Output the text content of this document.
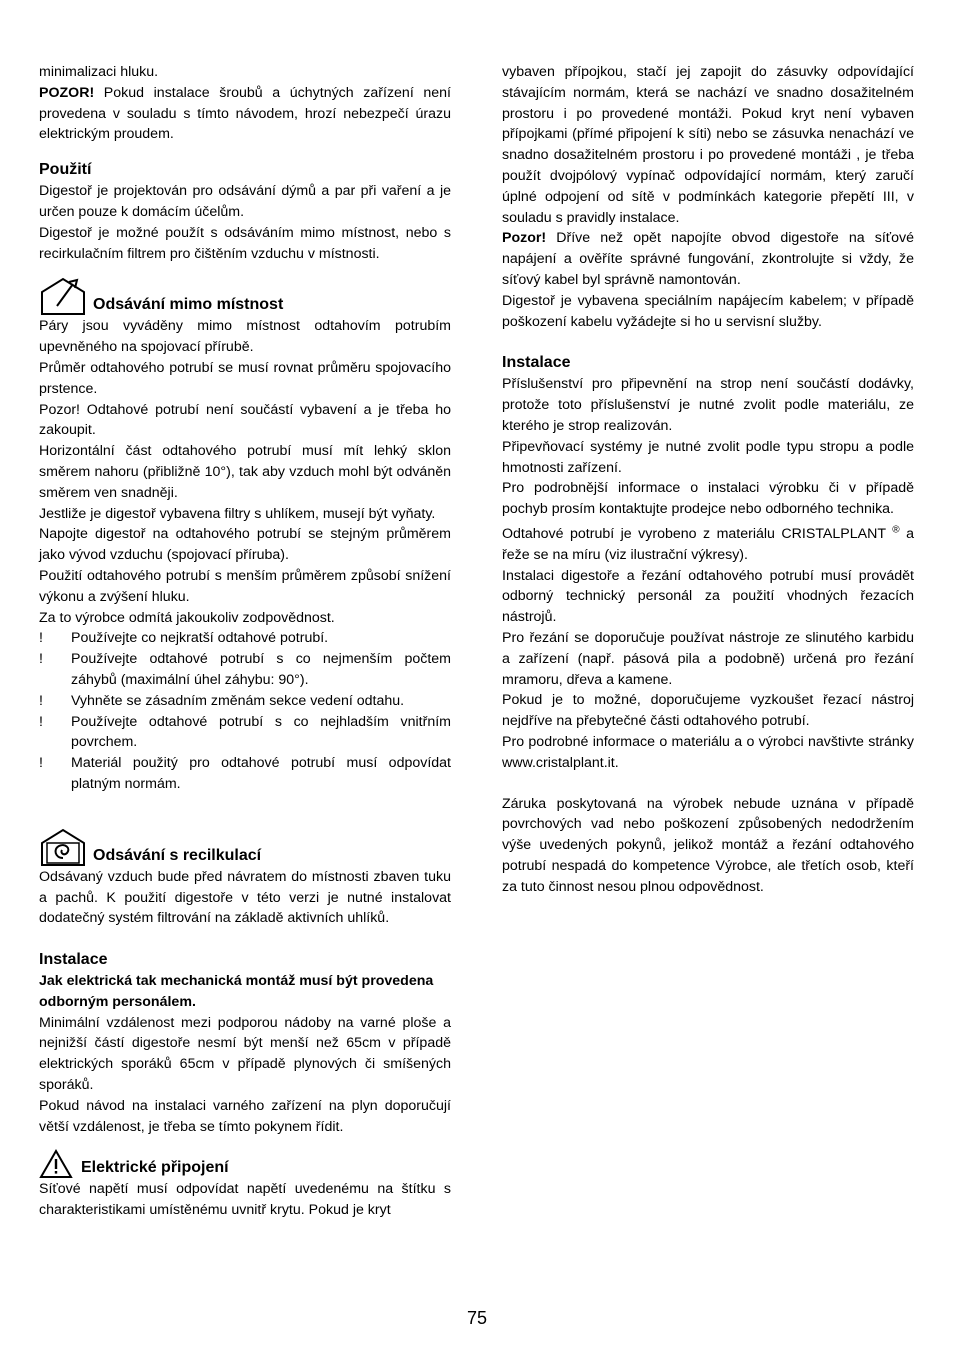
minimalizaci hluku.

POZOR! Pokud instalace šroubů a úchytných zařízení není provedena v souladu s tímto návodem, hrozí nebezpečí úrazu elektrickým proudem.

Použití

Digestoř je projektován pro odsávání dýmů a par při vaření a je určen pouze k domácím účelům.

Digestoř je možné použít s odsáváním mimo místnost, nebo s recirkulačním filtrem pro čištěním vzduchu v místnosti.

Odsávání mimo místnost

Páry jsou vyváděny mimo místnost odtahovím potrubím upevněného na spojovací přírubě.

Průměr odtahového potrubí se musí rovnat průměru spojovacího prstence.

Pozor! Odtahové potrubí není součástí vybavení a je třeba ho zakoupit.

Horizontální část odtahového potrubí musí mít lehký sklon směrem nahoru (přibližně 10°), tak aby vzduch mohl být odváněn směrem ven snadněji.

Jestliže je digestoř vybavena filtry s uhlíkem, musejí být vyňaty.

Napojte digestoř na odtahového potrubí se stejným průměrem jako vývod vzduchu (spojovací příruba).

Použití odtahového potrubí s menším průměrem způsobí snížení výkonu a zvýšení hluku.

Za to výrobce odmítá jakoukoliv zodpovědnost.

! Používejte co nejkratší odtahové potrubí.
! Používejte odtahové potrubí s co nejmenším počtem záhybů (maximální úhel záhybu: 90°).
! Vyhněte se zásadním změnám sekce vedení odtahu.
! Používejte odtahové potrubí s co nejhladším vnitřním povrchem.
! Materiál použitý pro odtahové potrubí musí odpovídat platným normám.
Odsávání s recilkulací

Odsávaný vzduch bude před návratem do místnosti zbaven tuku a pachů. K použití digestoře v této verzi je nutné instalovat dodatečný systém filtrování na základě aktivních uhlíků.

Instalace

Jak elektrická tak mechanická montáž musí být provedena odborným personálem.

Minimální vzdálenost mezi podporou nádoby na varné ploše a nejnižší částí digestoře nesmí být menší než 65cm v případě elektrických sporáků 65cm v případě plynových či smíšených sporáků.

Pokud návod na instalaci varného zařízení na plyn doporučují větší vzdálenost, je třeba se tímto pokynem řídit.

Elektrické připojení

Síťové napětí musí odpovídat napětí uvedenému na štítku s charakteristikami umístěnému uvnitř krytu. Pokud je kryt

vybaven přípojkou, stačí jej zapojit do zásuvky odpovídající stávajícím normám, která se nachází ve snadno dosažitelném prostoru i po provedené montáži. Pokud kryt není vybaven přípojkami (přímé připojení k síti) nebo se zásuvka nenachází ve snadno dosažitelném prostoru i po provedené montáži , je třeba použít dvojpólový vypínač odpovídající normám, který zaručí úplné odpojení od sítě v podmínkách kategorie přepětí III, v souladu s pravidly instalace.

Pozor! Dříve než opět napojíte obvod digestoře na síťové napájení a ověříte správné fungování, zkontrolujte si vždy, že síťový kabel byl správně namontován.

Digestoř je vybavena speciálním napájecím kabelem; v případě poškození kabelu vyžádejte si ho u servisní služby.

Instalace

Příslušenství pro připevnění na strop není součástí dodávky, protože toto příslušenství je nutné zvolit podle materiálu, ze kterého je strop realizován.

Připevňovací systémy je nutné zvolit podle typu stropu a podle hmotnosti zařízení.

Pro podrobnější informace o instalaci výrobku či v případě pochyb prosím kontaktujte prodejce nebo odborného technika.

Odtahové potrubí je vyrobeno z materiálu CRISTALPLANT ® a řeže se na míru (viz ilustrační výkresy).

Instalaci digestoře a řezání odtahového potrubí musí provádět odborný technický personál za použití vhodných řezacích nástrojů.

Pro řezání se doporučuje používat nástroje ze slinutého karbidu a zařízení (např. pásová pila a podobně) určená pro řezání mramoru, dřeva a kamene.

Pokud je to možné, doporučujeme vyzkoušet řezací nástroj nejdříve na přebytečné části odtahového potrubí.

Pro podrobné informace o materiálu a o výrobci navštivte stránky www.cristalplant.it.

Záruka poskytovaná na výrobek nebude uznána v případě povrchových vad nebo poškození způsobených nedodržením výše uvedených pokynů, jelikož montáž a řezání odtahového potrubí nespadá do kompetence Výrobce, ale třetích osob, kteří za tuto činnost nesou plnou odpovědnost.

75
